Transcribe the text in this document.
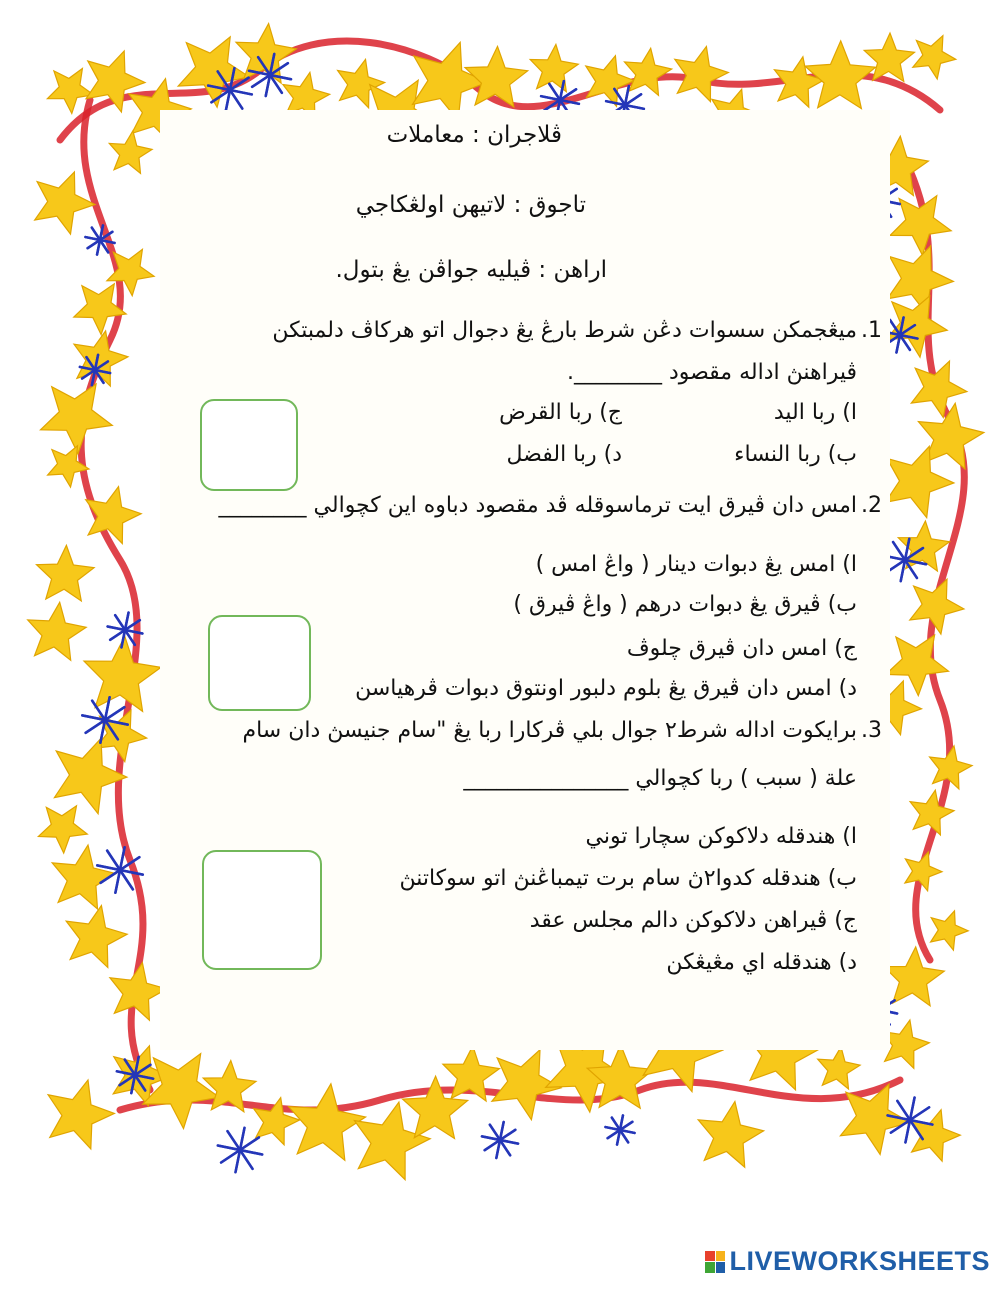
ڤلاجران : معاملات
تاجوق : لاتيهن اولڠكاجي
اراهن : ڤيليه جواڤن يڠ بتول.
1.
ميڠجمكن سسوات دڠن شرط بارڠ يڠ دجوال اتو هرکاڤ دلمبتكن
ڤيراهنڽ اداله مقصود ________.
ا) ربا اليد
ج) ربا القرض
ب) ربا النساء
د) ربا الفضل
2.
امس دان ڤيرق ايت ترماسوقله ڤد مقصود دباوه اين کچوالي ________
ا) امس يڠ دبوات دينار ( واڠ امس )
ب) ڤيرق يڠ دبوات درهم ( واڠ ڤيرق )
ج) امس دان ڤيرق چلوڤ
د) امس دان ڤيرق يڠ بلوم دلبور اونتوق دبوات ڤرهياسن
3.
برايکوت اداله شرط٢ جوال بلي ڤرکارا ربا يڠ "سام جنيسڽ دان سام
علة ( سبب ) ربا کچوالي _______________
ا) هندقله دلاکوکن سچارا توني
ب) هندقله کدوا٢ڽ سام برت تيمباڠنڽ اتو سوکاتنڽ
ج) ڤيراهن دلاکوکن دالم مجلس عقد
د) هندقله اي مڠيڠکن
LIVEWORKSHEETS
